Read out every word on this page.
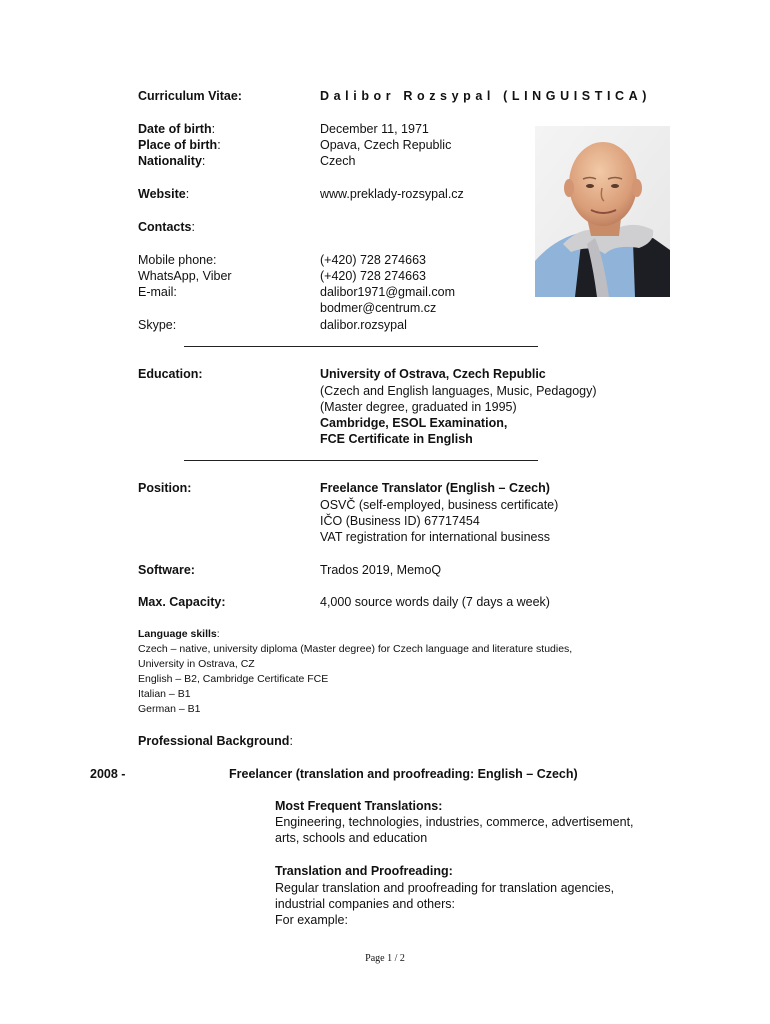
Curriculum Vitae:	Dalibor Rozsypal (LINGUISTICA)
Date of birth:	December 11, 1971
Place of birth:	Opava, Czech Republic
Nationality:	Czech
Website:	www.preklady-rozsypal.cz
Contacts:
Mobile phone:	(+420) 728 274663
WhatsApp, Viber	(+420) 728 274663
E-mail:	dalibor1971@gmail.com
bodmer@centrum.cz
Skype:	dalibor.rozsypal
Education:	University of Ostrava, Czech Republic
(Czech and English languages, Music, Pedagogy)
(Master degree, graduated in 1995)
Cambridge, ESOL Examination,
FCE Certificate in English
Position:	Freelance Translator (English – Czech)
OSVČ (self-employed, business certificate)
IČO (Business ID) 67717454
VAT registration for international business
Software:	Trados 2019, MemoQ
Max. Capacity:	4,000 source words daily (7 days a week)
Language skills:
Czech – native, university diploma (Master degree) for Czech language and literature studies,
University in Ostrava, CZ
English – B2, Cambridge Certificate FCE
Italian – B1
German – B1
Professional Background:
2008 -	Freelancer (translation and proofreading: English – Czech)
Most Frequent Translations:
Engineering, technologies, industries, commerce, advertisement,
arts, schools and education
Translation and Proofreading:
Regular translation and proofreading for translation agencies,
industrial companies and others:
For example:
Page 1 / 2
